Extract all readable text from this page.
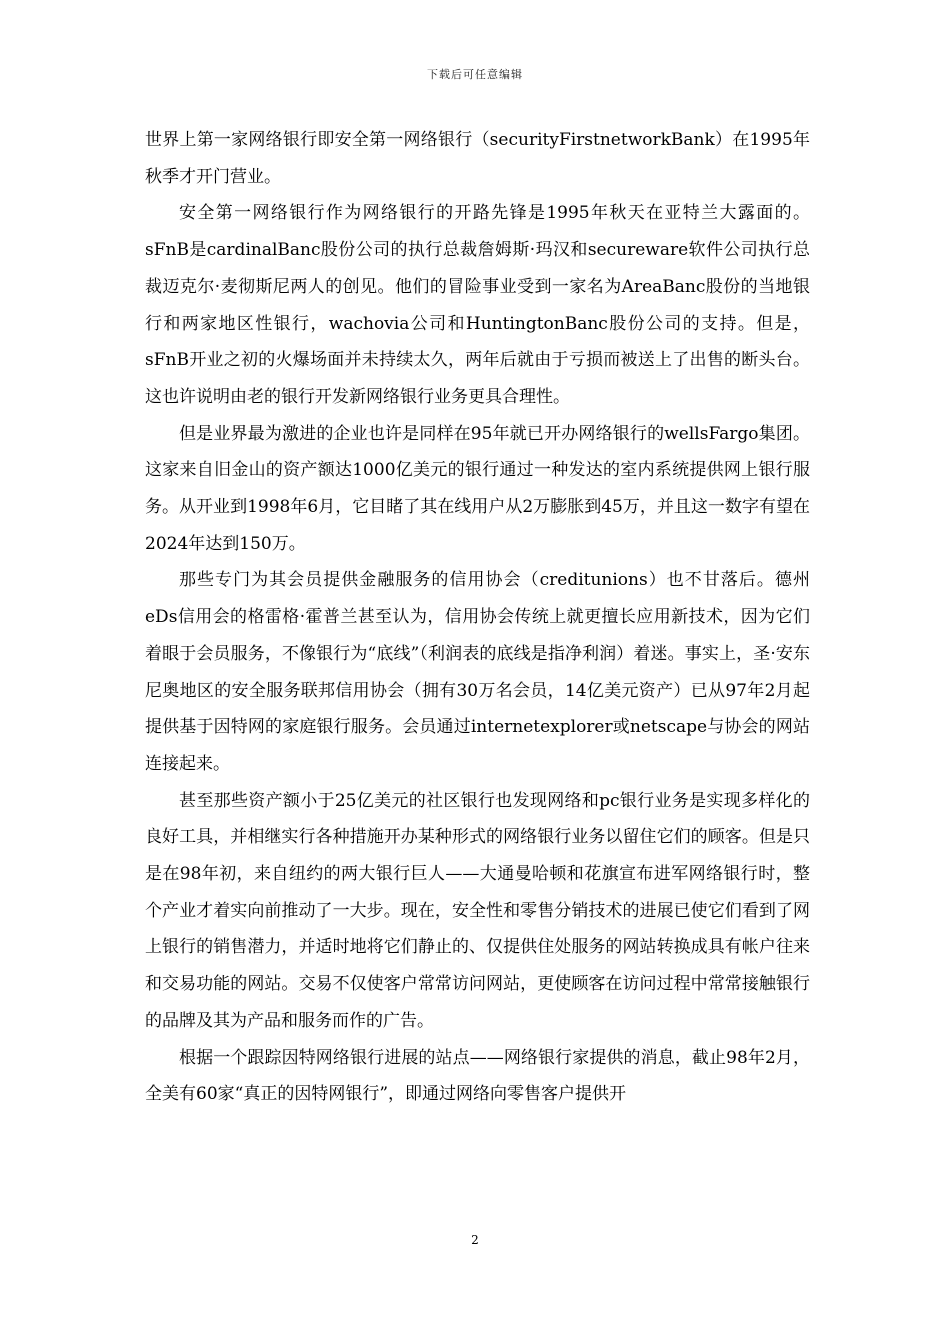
下载后可任意编辑

世界上第一家网络银行即安全第一网络银行（securityFirstnetworkBank）在1995年秋季才开门营业。

安全第一网络银行作为网络银行的开路先锋是1995年秋天在亚特兰大露面的。sFnB是cardinalBanc股份公司的执行总裁詹姆斯·玛汉和secureware软件公司执行总裁迈克尔·麦彻斯尼两人的创见。他们的冒险事业受到一家名为AreaBanc股份的当地银行和两家地区性银行，wachovia公司和HuntingtonBanc股份公司的支持。但是，sFnB开业之初的火爆场面并未持续太久，两年后就由于亏损而被送上了出售的断头台。这也许说明由老的银行开发新网络银行业务更具合理性。

但是业界最为激进的企业也许是同样在95年就已开办网络银行的wellsFargo集团。这家来自旧金山的资产额达1000亿美元的银行通过一种发达的室内系统提供网上银行服务。从开业到1998年6月，它目睹了其在线用户从2万膨胀到45万，并且这一数字有望在2024年达到150万。

那些专门为其会员提供金融服务的信用协会（creditunions）也不甘落后。德州eDs信用会的格雷格·霍普兰甚至认为，信用协会传统上就更擅长应用新技术，因为它们着眼于会员服务，不像银行为“底线”（利润表的底线是指净利润）着迷。事实上，圣·安东尼奥地区的安全服务联邦信用协会（拥有30万名会员，14亿美元资产）已从97年2月起提供基于因特网的家庭银行服务。会员通过internetexplorer或netscape与协会的网站连接起来。

甚至那些资产额小于25亿美元的社区银行也发现网络和pc银行业务是实现多样化的良好工具，并相继实行各种措施开办某种形式的网络银行业务以留住它们的顾客。但是只是在98年初，来自纽约的两大银行巨人——大通曼哈顿和花旗宣布进军网络银行时，整个产业才着实向前推动了一大步。现在，安全性和零售分销技术的进展已使它们看到了网上银行的销售潜力，并适时地将它们静止的、仅提供住处服务的网站转换成具有帐户往来和交易功能的网站。交易不仅使客户常常访问网站，更使顾客在访问过程中常常接触银行的品牌及其为产品和服务而作的广告。

根据一个跟踪因特网络银行进展的站点——网络银行家提供的消息，截止98年2月，全美有60家“真正的因特网银行”，即通过网络向零售客户提供开

2
